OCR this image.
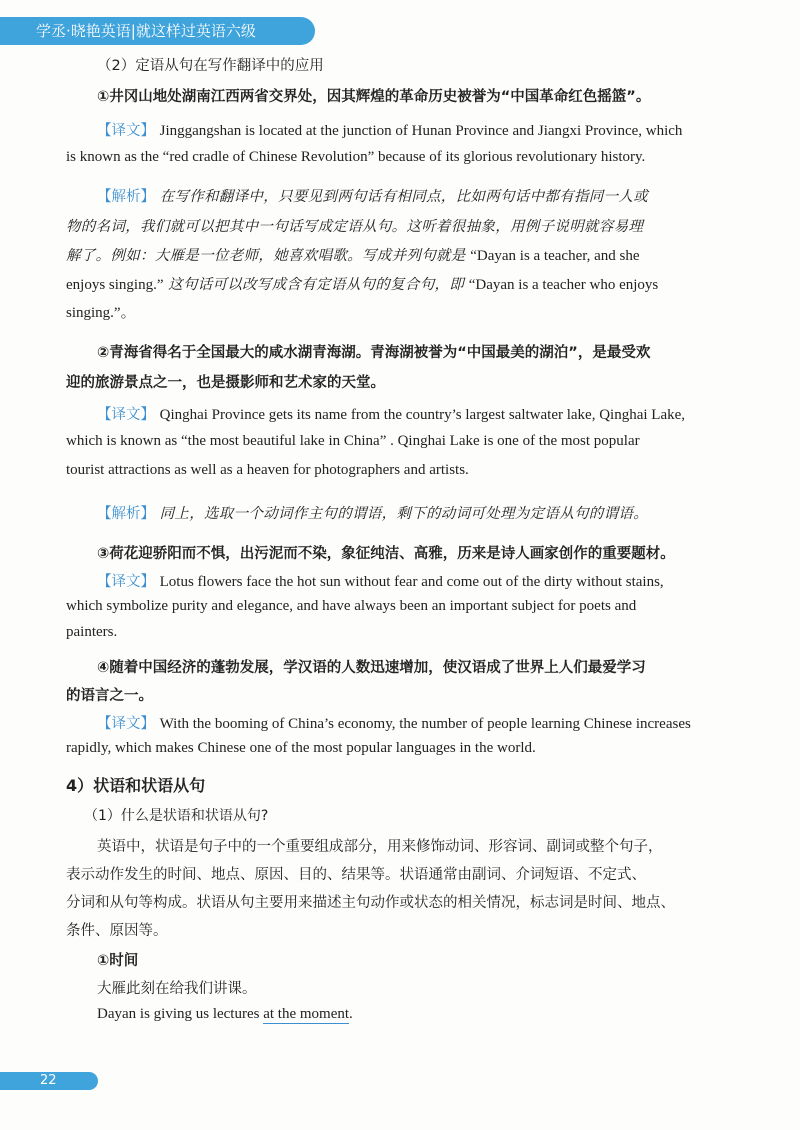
学丞·晓艳英语|就这样过英语六级
（2）定语从句在写作翻译中的应用
①井冈山地处湖南江西两省交界处，因其辉煌的革命历史被誉为“中国革命红色摇篮”。
【译文】 Jinggangshan is located at the junction of Hunan Province and Jiangxi Province, which
is known as the “red cradle of Chinese Revolution” because of its glorious revolutionary history.
【解析】 在写作和翻译中，只要见到两句话有相同点，比如两句话中都有指同一人或
物的名词，我们就可以把其中一句话写成定语从句。这听着很抽象，用例子说明就容易理
解了。例如：大雁是一位老师，她喜欢唱歌。写成并列句就是 “Dayan is a teacher, and she
enjoys singing.” 这句话可以改写成含有定语从句的复合句，即 “Dayan is a teacher who enjoys
singing.”。
②青海省得名于全国最大的咸水湖青海湖。青海湖被誉为“中国最美的湖泊”，是最受欢
迎的旅游景点之一，也是摄影师和艺术家的天堂。
【译文】 Qinghai Province gets its name from the country’s largest saltwater lake, Qinghai Lake,
which is known as “the most beautiful lake in China” . Qinghai Lake is one of the most popular
tourist attractions as well as a heaven for photographers and artists.
【解析】 同上，选取一个动词作主句的谓语，剩下的动词可处理为定语从句的谓语。
③荷花迎骄阳而不惧，出污泥而不染，象征纯洁、高雅，历来是诗人画家创作的重要题材。
【译文】 Lotus flowers face the hot sun without fear and come out of the dirty without stains,
which symbolize purity and elegance, and have always been an important subject for poets and
painters.
④随着中国经济的蓬勃发展，学汉语的人数迅速增加，使汉语成了世界上人们最爱学习
的语言之一。
【译文】 With the booming of China’s economy, the number of people learning Chinese increases
rapidly, which makes Chinese one of the most popular languages in the world.
4）状语和状语从句
（1）什么是状语和状语从句?
英语中，状语是句子中的一个重要组成部分，用来修饰动词、形容词、副词或整个句子，
表示动作发生的时间、地点、原因、目的、结果等。状语通常由副词、介词短语、不定式、
分词和从句等构成。状语从句主要用来描述主句动作或状态的相关情况，标志词是时间、地点、
条件、原因等。
①时间
大雁此刻在给我们讲课。
Dayan is giving us lectures at the moment.
22
